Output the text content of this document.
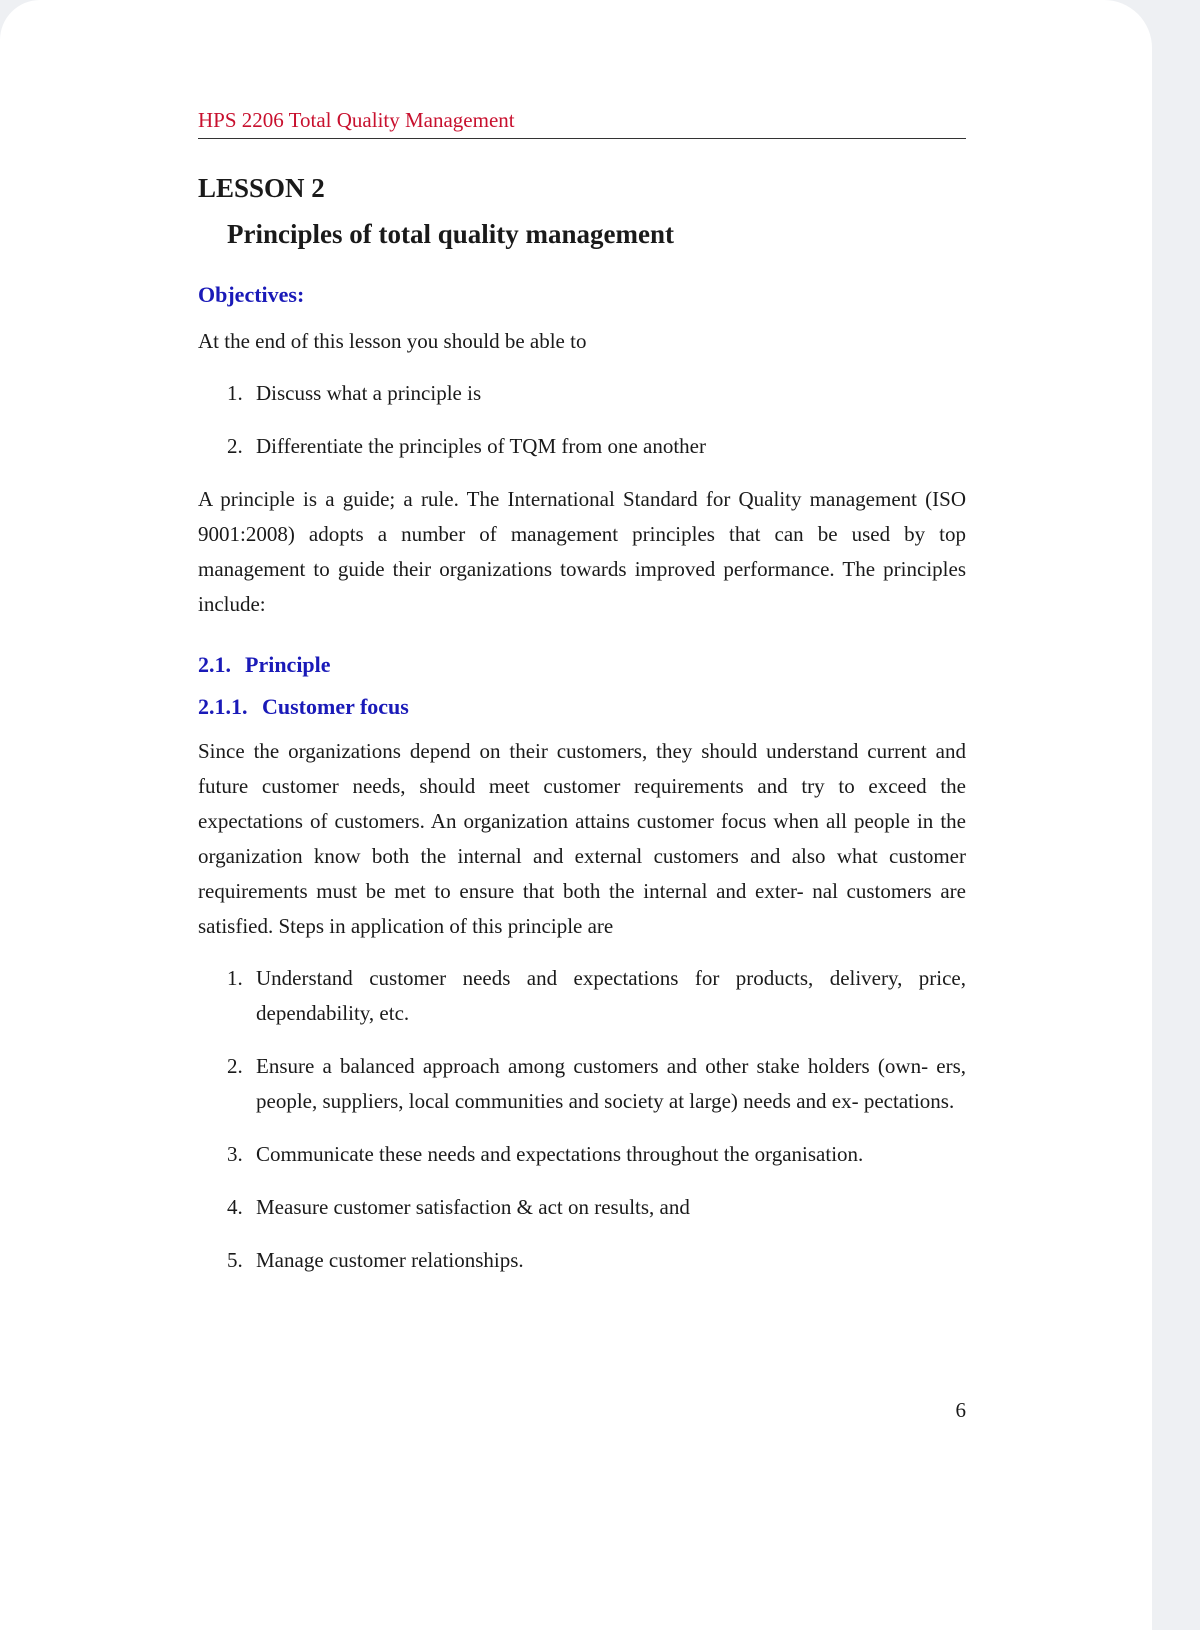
HPS 2206 Total Quality Management
LESSON 2
Principles of total quality management
Objectives:

At the end of this lesson you should be able to

1. Discuss what a principle is
2. Differentiate the principles of TQM from one another

A principle is a guide; a rule. The International Standard for Quality management (ISO 9001:2008) adopts a number of management principles that can be used by top management to guide their organizations towards improved performance. The principles include:

2.1. Principle
2.1.1. Customer focus

Since the organizations depend on their customers, they should understand current and future customer needs, should meet customer requirements and try to exceed the expectations of customers. An organization attains customer focus when all people in the organization know both the internal and external customers and also what customer requirements must be met to ensure that both the internal and exter- nal customers are satisfied. Steps in application of this principle are

1. Understand customer needs and expectations for products, delivery, price, dependability, etc.
2. Ensure a balanced approach among customers and other stake holders (own- ers, people, suppliers, local communities and society at large) needs and ex- pectations.
3. Communicate these needs and expectations throughout the organisation.
4. Measure customer satisfaction & act on results, and
5. Manage customer relationships.
6
